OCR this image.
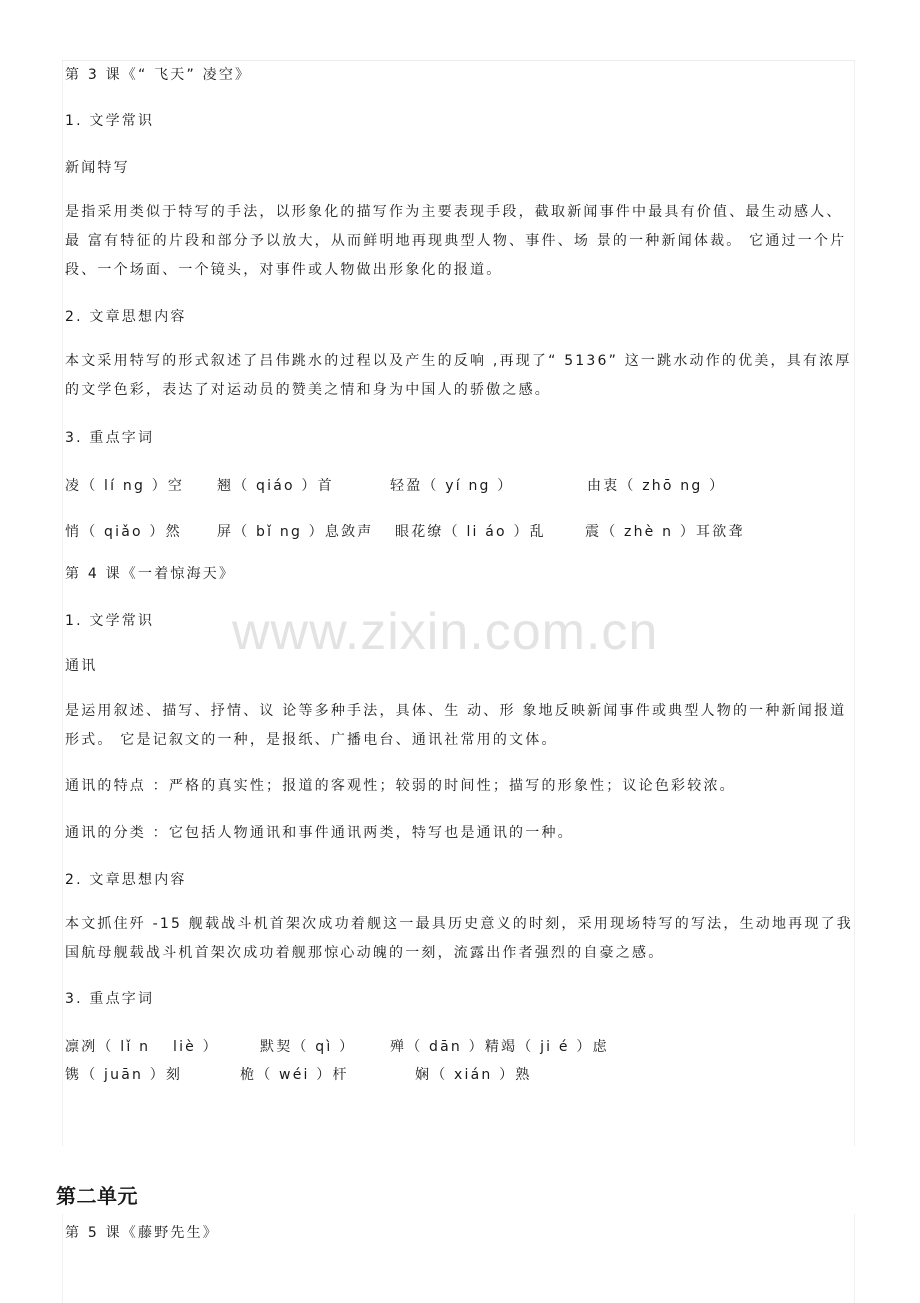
www.zixin.com.cn
第 3 课《“ 飞天” 凌空》
1. 文学常识
新闻特写
是指采用类似于特写的手法，以形象化的描写作为主要表现手段，截取新闻事件中最具有价值、最生动感人、最 富有特征的片段和部分予以放大，从而鲜明地再现典型人物、事件、场 景的一种新闻体裁。 它通过一个片段、一个场面、一个镜头，对事件或人物做出形象化的报道。
2. 文章思想内容
本文采用特写的形式叙述了吕伟跳水的过程以及产生的反响 ,再现了“ 5136” 这一跳水动作的优美，具有浓厚的文学色彩，表达了对运动员的赞美之情和身为中国人的骄傲之感。
3. 重点字词
凌（ lí ng ）空 翘（ qiáo ）首	轻盈（ yí ng ）	由衷（ zhō ng ）
悄（ qiǎo ）然	屏（ bǐ ng ）息敛声 眼花缭（ li áo ）乱	震（ zhè n ）耳欲聋
第 4 课《一着惊海天》
1. 文学常识
通讯
是运用叙述、描写、抒情、议 论等多种手法，具体、生 动、形 象地反映新闻事件或典型人物的一种新闻报道形式。 它是记叙文的一种，是报纸、广播电台、通讯社常用的文体。
通讯的特点 ：严格的真实性；报道的客观性；较弱的时间性；描写的形象性；议论色彩较浓。
通讯的分类 ：它包括人物通讯和事件通讯两类，特写也是通讯的一种。
2. 文章思想内容
本文抓住歼 -15 舰载战斗机首架次成功着舰这一最具历史意义的时刻，采用现场特写的写法，生动地再现了我国航母舰载战斗机首架次成功着舰那惊心动魄的一刻，流露出作者强烈的自豪之感。
3. 重点字词
凛冽（ lǐ n　 liè ）	默契（ qì ） 殚（ dān ）精竭（ ji é ）虑
镌（ juān ）刻	桅（ wéi ）杆	娴（ xián ）熟
第二单元
第 5 课《藤野先生》
